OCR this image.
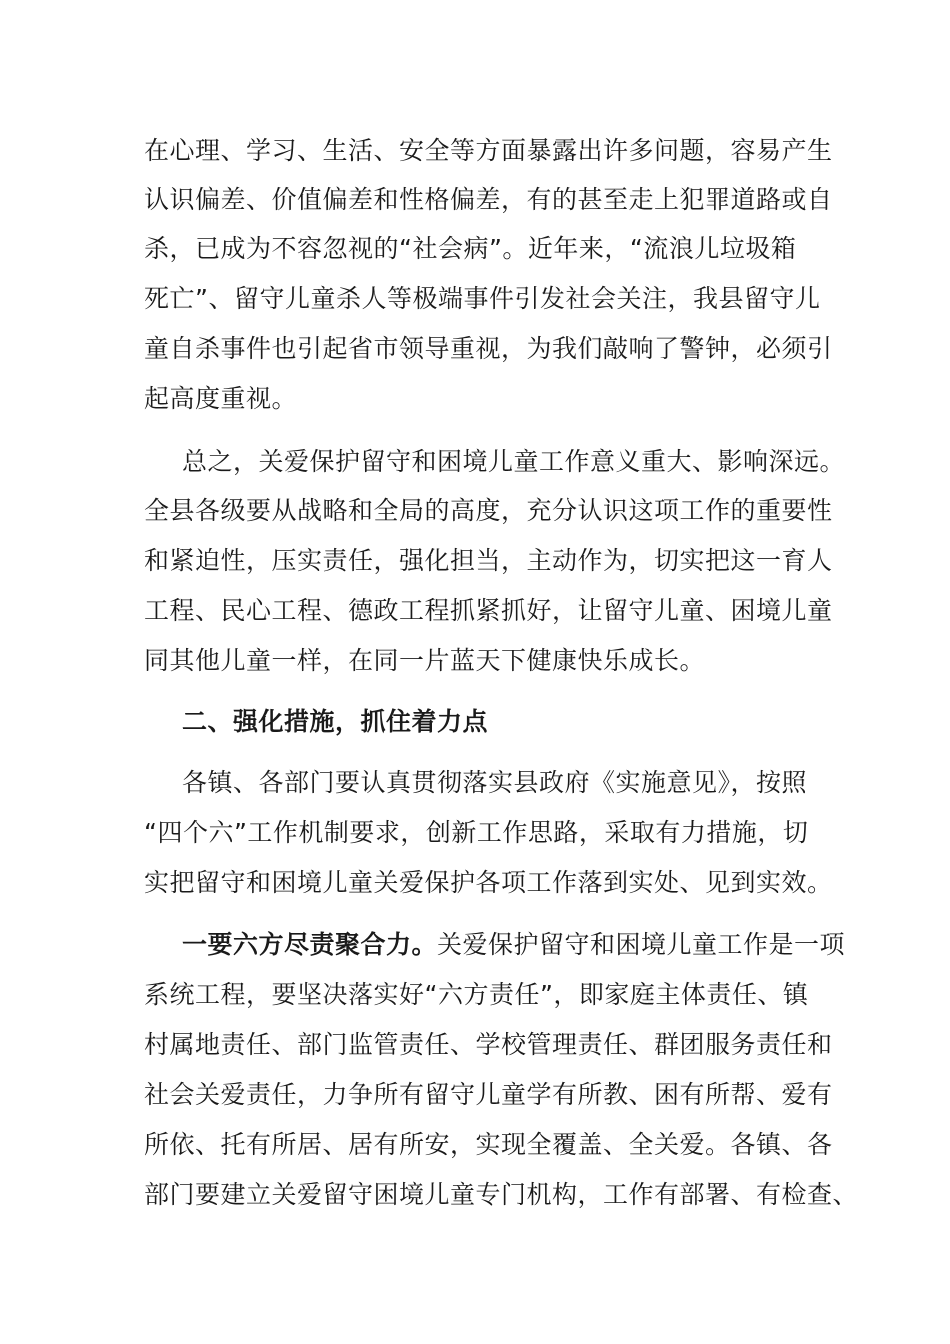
在心理、学习、生活、安全等方面暴露出许多问题，容易产生
认识偏差、价值偏差和性格偏差，有的甚至走上犯罪道路或自
杀，已成为不容忽视的“社会病”。近年来，“流浪儿垃圾箱
死亡”、留守儿童杀人等极端事件引发社会关注，我县留守儿
童自杀事件也引起省市领导重视，为我们敲响了警钟，必须引
起高度重视。
总之，关爱保护留守和困境儿童工作意义重大、影响深远。
全县各级要从战略和全局的高度，充分认识这项工作的重要性
和紧迫性，压实责任，强化担当，主动作为，切实把这一育人
工程、民心工程、德政工程抓紧抓好，让留守儿童、困境儿童
同其他儿童一样，在同一片蓝天下健康快乐成长。
二、强化措施，抓住着力点
各镇、各部门要认真贯彻落实县政府《实施意见》，按照
“四个六”工作机制要求，创新工作思路，采取有力措施，切
实把留守和困境儿童关爱保护各项工作落到实处、见到实效。
一要六方尽责聚合力。关爱保护留守和困境儿童工作是一项
系统工程，要坚决落实好“六方责任”，即家庭主体责任、镇
村属地责任、部门监管责任、学校管理责任、群团服务责任和
社会关爱责任，力争所有留守儿童学有所教、困有所帮、爱有
所依、托有所居、居有所安，实现全覆盖、全关爱。各镇、各
部门要建立关爱留守困境儿童专门机构，工作有部署、有检查、
